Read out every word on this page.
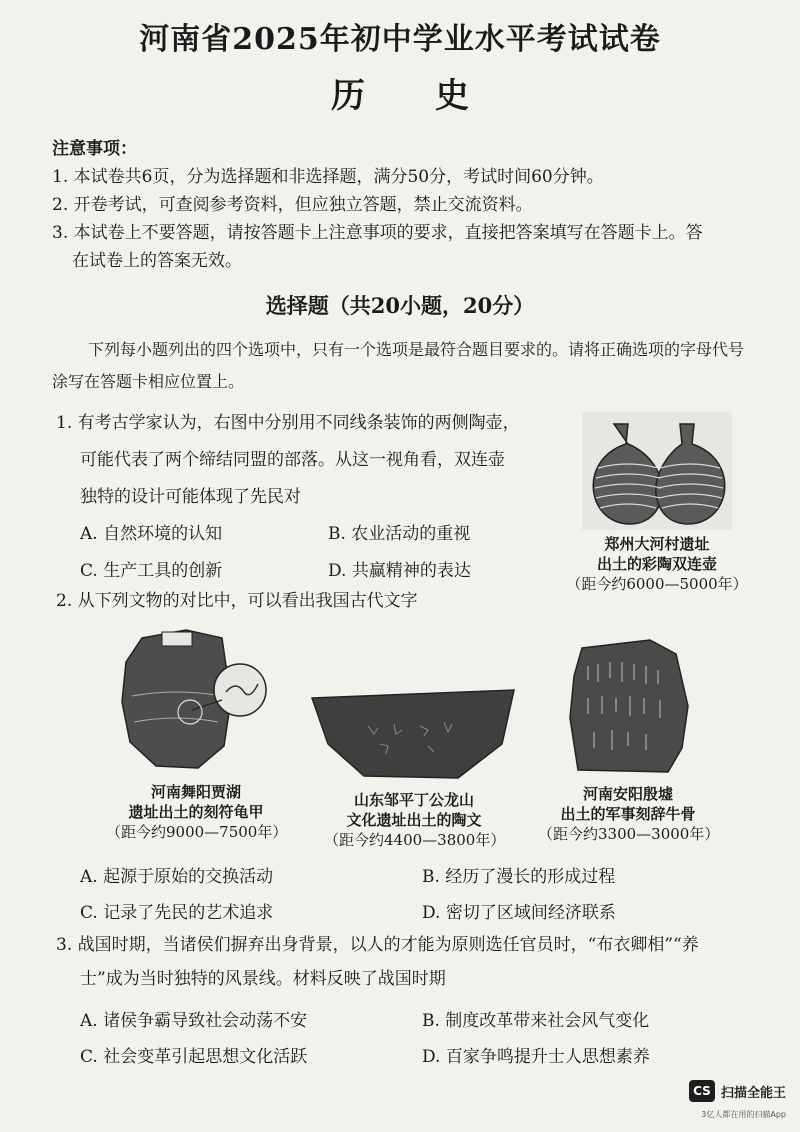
河南省2025年初中学业水平考试试卷
历史
注意事项：
1. 本试卷共6页，分为选择题和非选择题，满分50分，考试时间60分钟。
2. 开卷考试，可查阅参考资料，但应独立答题，禁止交流资料。
3. 本试卷上不要答题，请按答题卡上注意事项的要求，直接把答案填写在答题卡上。答
在试卷上的答案无效。
选择题（共20小题，20分）
下列每小题列出的四个选项中，只有一个选项是最符合题目要求的。请将正确选项的字母代号涂写在答题卡相应位置上。
1. 有考古学家认为，右图中分别用不同线条装饰的两侧陶壶，
可能代表了两个缔结同盟的部落。从这一视角看，双连壶
独特的设计可能体现了先民对
A. 自然环境的认知	B. 农业活动的重视
C. 生产工具的创新	D. 共赢精神的表达
郑州大河村遗址
出土的彩陶双连壶
（距今约6000—5000年）
2. 从下列文物的对比中，可以看出我国古代文字
河南舞阳贾湖
遗址出土的刻符龟甲
（距今约9000—7500年）
山东邹平丁公龙山
文化遗址出土的陶文
（距今约4400—3800年）
河南安阳殷墟
出土的军事刻辞牛骨
（距今约3300—3000年）
A. 起源于原始的交换活动	B. 经历了漫长的形成过程
C. 记录了先民的艺术追求	D. 密切了区域间经济联系
3. 战国时期，当诸侯们摒弃出身背景，以人的才能为原则选任官员时，“布衣卿相”“养
士”成为当时独特的风景线。材料反映了战国时期
A. 诸侯争霸导致社会动荡不安	B. 制度改革带来社会风气变化
C. 社会变革引起思想文化活跃	D. 百家争鸣提升士人思想素养
CS 扫描全能王
3亿人都在用的扫描App
